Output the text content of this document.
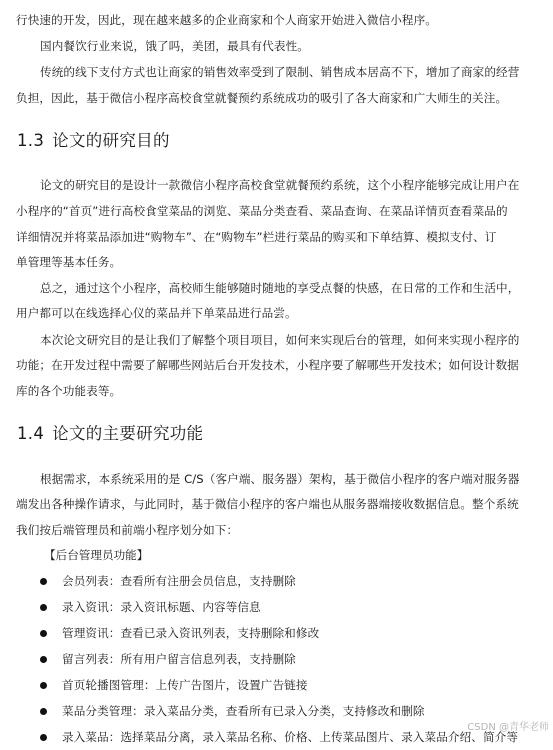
行快速的开发，因此，现在越来越多的企业商家和个人商家开始进入微信小程序。
国内餐饮行业来说，饿了吗，美团，最具有代表性。
传统的线下支付方式也让商家的销售效率受到了限制、销售成本居高不下，增加了商家的经营
负担，因此，基于微信小程序高校食堂就餐预约系统成功的吸引了各大商家和广大师生的关注。
1.3 论文的研究目的
论文的研究目的是设计一款微信小程序高校食堂就餐预约系统，这个小程序能够完成让用户在
小程序的“首页”进行高校食堂菜品的浏览、菜品分类查看、菜品查询、在菜品详情页查看菜品的
详细情况并将菜品添加进“购物车”、在“购物车”栏进行菜品的购买和下单结算、模拟支付、订
单管理等基本任务。
总之，通过这个小程序，高校师生能够随时随地的享受点餐的快感，在日常的工作和生活中，
用户都可以在线选择心仪的菜品并下单菜品进行品尝。
本次论文研究目的是让我们了解整个项目项目，如何来实现后台的管理，如何来实现小程序的
功能；在开发过程中需要了解哪些网站后台开发技术，小程序要了解哪些开发技术；如何设计数据
库的各个功能表等。
1.4 论文的主要研究功能
根据需求，本系统采用的是 C/S（客户端、服务器）架构，基于微信小程序的客户端对服务器
端发出各种操作请求，与此同时，基于微信小程序的客户端也从服务器端接收数据信息。整个系统
我们按后端管理员和前端小程序划分如下：
【后台管理员功能】
会员列表：查看所有注册会员信息，支持删除
录入资讯：录入资讯标题、内容等信息
管理资讯：查看已录入资讯列表，支持删除和修改
留言列表：所有用户留言信息列表，支持删除
首页轮播图管理：上传广告图片，设置广告链接
菜品分类管理：录入菜品分类，查看所有已录入分类，支持修改和删除
录入菜品：选择菜品分离，录入菜品名称、价格、上传菜品图片、录入菜品介绍、简介等
CSDN @青华老师
